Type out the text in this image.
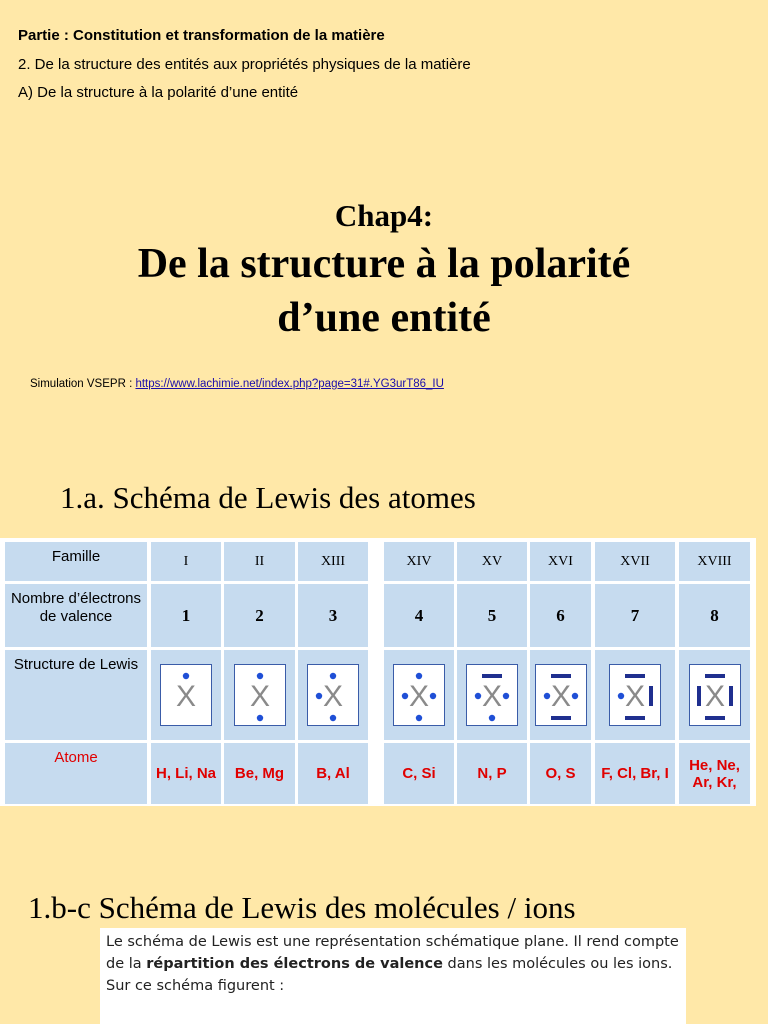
Partie : Constitution et transformation de la matière
2. De la structure des entités aux propriétés physiques de la matière
A) De la structure à la polarité d’une entité
Chap4:
De la structure à la polarité
d’une entité
Simulation VSEPR : https://www.lachimie.net/index.php?page=31#.YG3urT86_IU
1.a. Schéma de Lewis des atomes
Famille
Nombre d’électrons de valence
Structure de Lewis
Atome
I
1
X
H, Li, Na
II
2
X
Be, Mg
XIII
3
X
B, Al
XIV
4
X
C, Si
XV
5
X
N, P
XVI
6
X
O, S
XVII
7
X
F, Cl, Br, I
XVIII
8
X
He, Ne, Ar, Kr,
1.b-c Schéma de Lewis des molécules / ions
Le schéma de Lewis est une représentation schématique plane. Il rend compte de la répartition des électrons de valence dans les molécules ou les ions.
Sur ce schéma figurent :
